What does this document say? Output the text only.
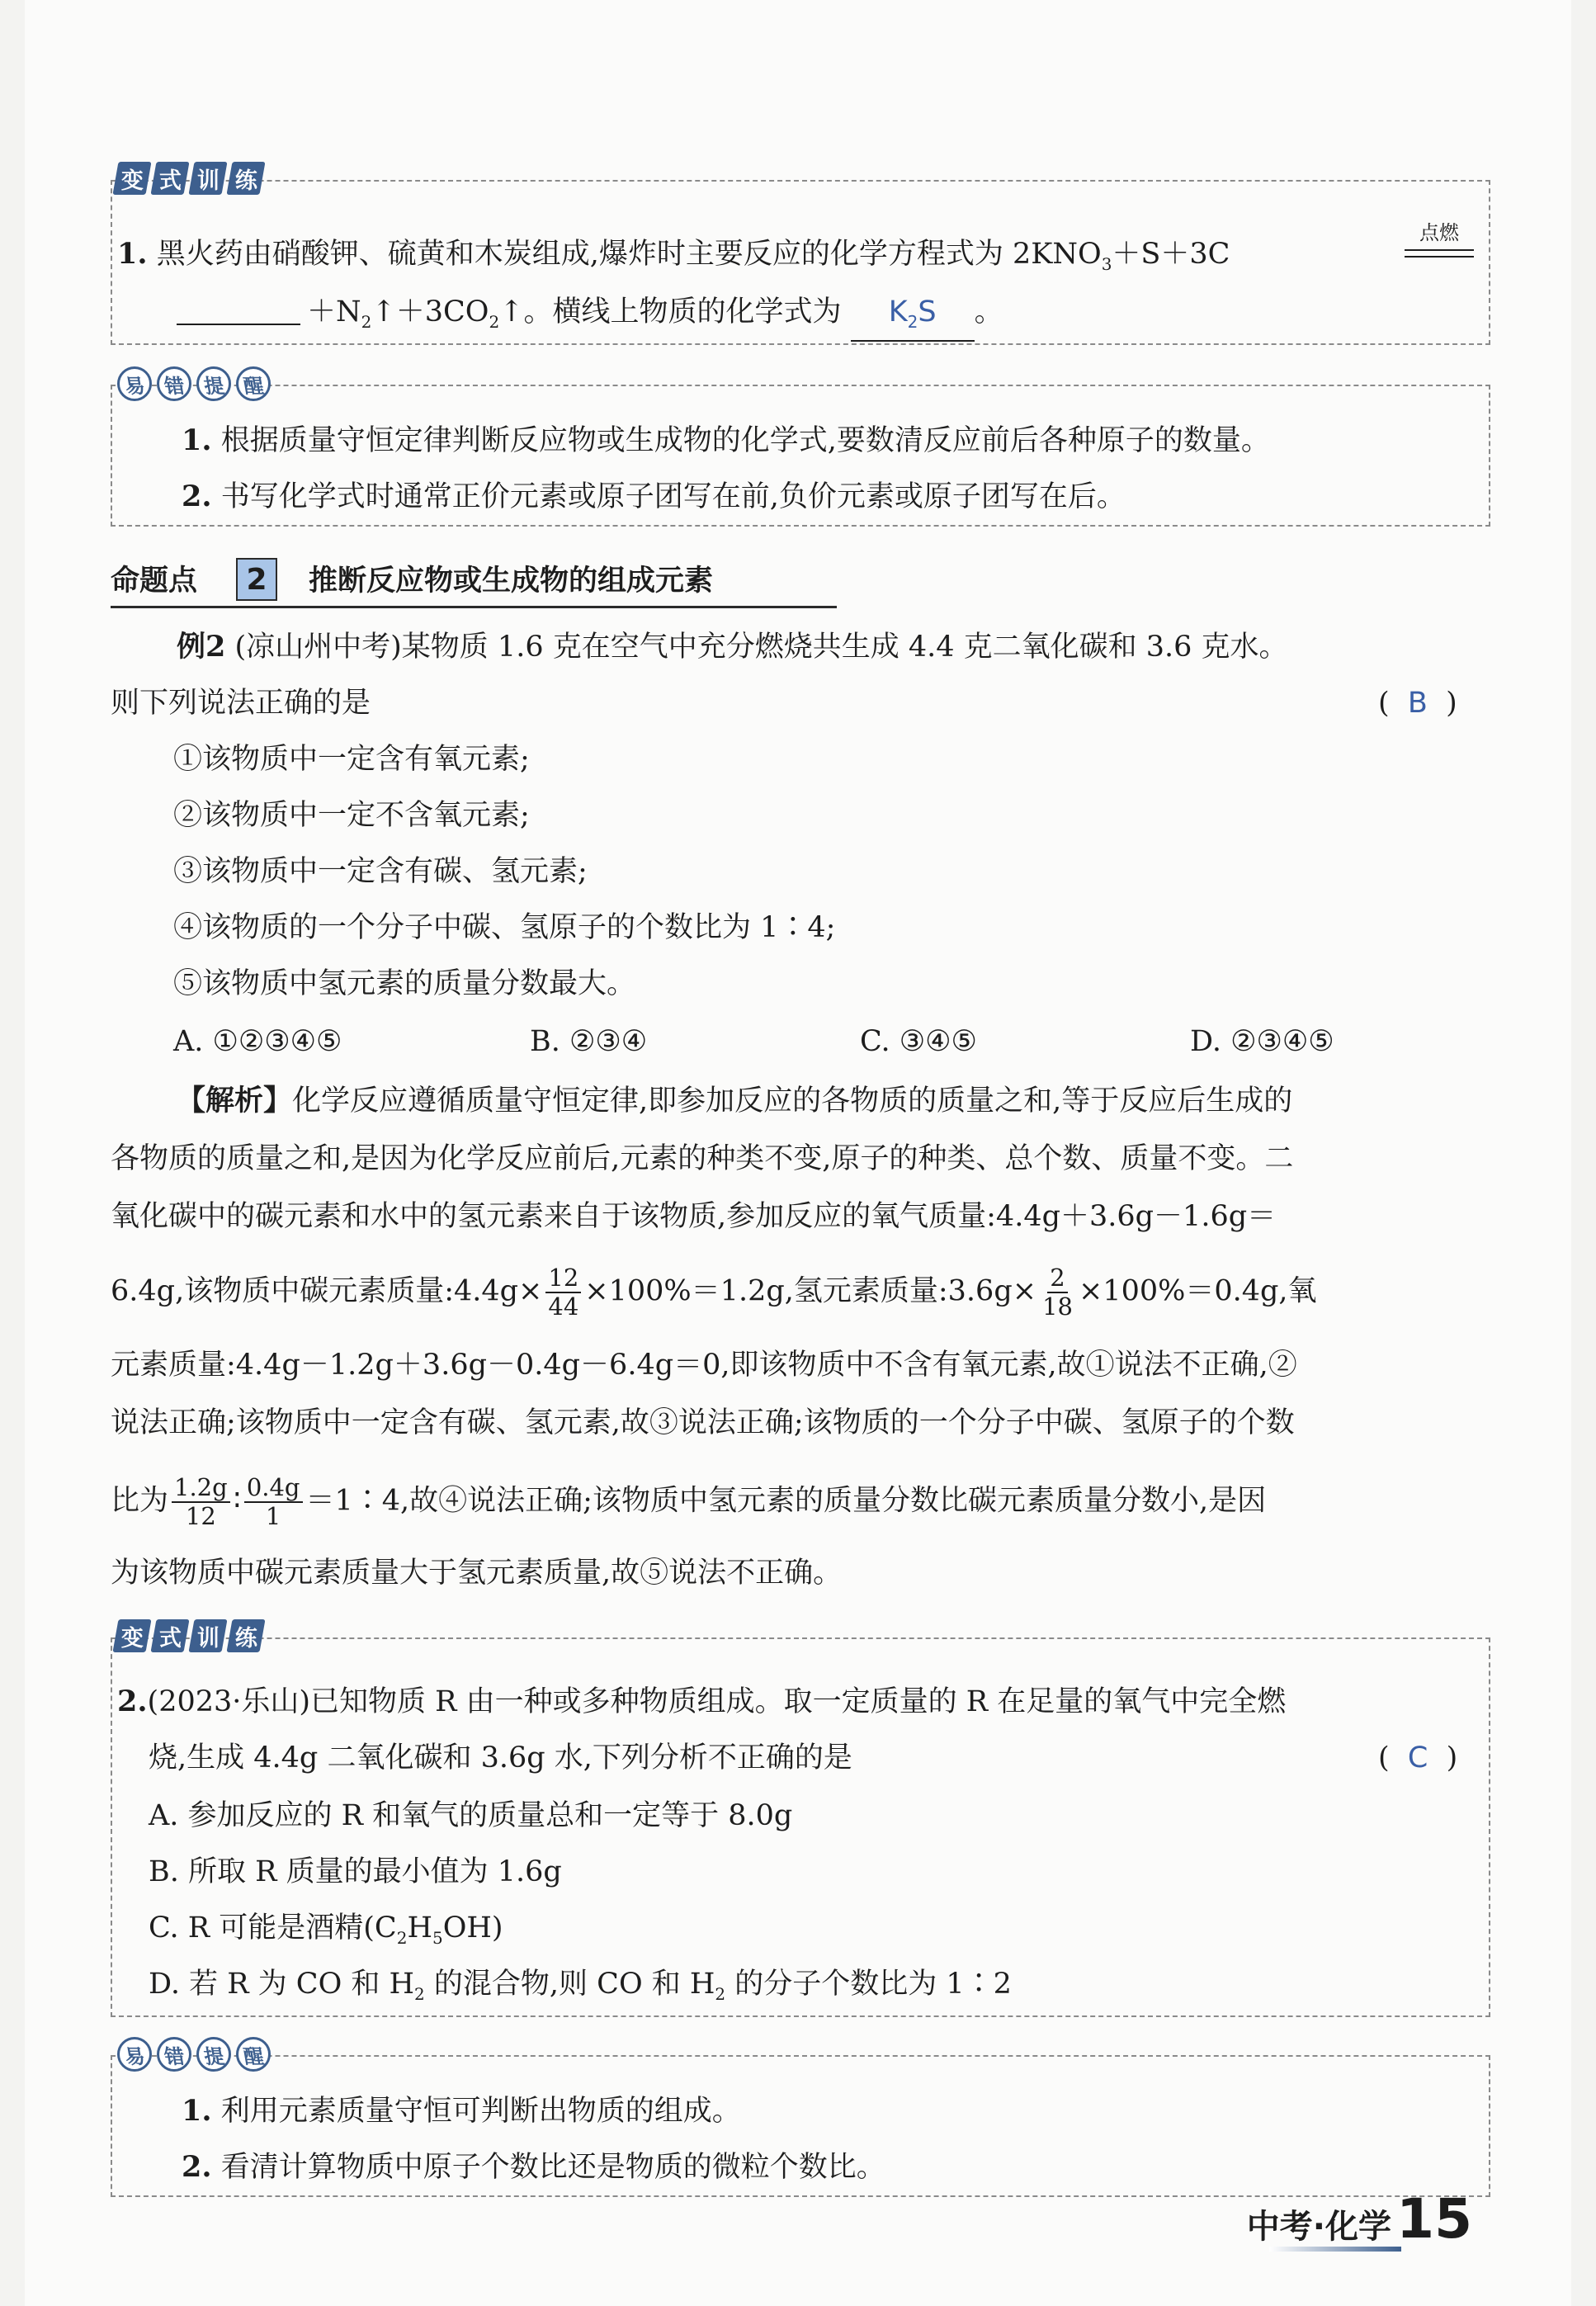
变 式 训 练
1. 黑火药由硝酸钾、硫黄和木炭组成,爆炸时主要反应的化学方程式为 $2KNO_3+S+3C$
点燃
$+N_2↑+3CO_2↑$。横线上物质的化学式为 $K_2S$ 。
易 错 提 醒
1. 根据质量守恒定律判断反应物或生成物的化学式,要数清反应前后各种原子的数量。
2. 书写化学式时通常正价元素或原子团写在前,负价元素或原子团写在后。
命题点	2	推断反应物或生成物的组成元素
例2 (凉山州中考)某物质 1.6 克在空气中充分燃烧共生成 4.4 克二氧化碳和 3.6 克水。
则下列说法正确的是	(  B  )
①该物质中一定含有氧元素;
②该物质中一定不含氧元素;
③该物质中一定含有碳、氢元素;
④该物质的一个分子中碳、氢原子的个数比为 1∶4;
⑤该物质中氢元素的质量分数最大。
A. ①②③④⑤	B. ②③④	C. ③④⑤	D. ②③④⑤
【解析】化学反应遵循质量守恒定律,即参加反应的各物质的质量之和,等于反应后生成的
各物质的质量之和,是因为化学反应前后,元素的种类不变,原子的种类、总个数、质量不变。二
氧化碳中的碳元素和水中的氢元素来自于该物质,参加反应的氧气质量:4.4g＋3.6g－1.6g＝
6.4g,该物质中碳元素质量:4.4g× $\frac{12}{44} \times 100\%=1.2g$,氢元素质量:3.6g× $\frac{2}{18} \times 100\%=0.4g$,氧
元素质量:4.4g－1.2g＋3.6g－0.4g－6.4g＝0,即该物质中不含有氧元素,故①说法不正确,②
说法正确;该物质中一定含有碳、氢元素,故③说法正确;该物质的一个分子中碳、氢原子的个数
比为 $\frac{1.2g}{12}$ ∶ $\frac{0.4g}{1}$ ＝1∶4,故④说法正确;该物质中氢元素的质量分数比碳元素质量分数小,是因
为该物质中碳元素质量大于氢元素质量,故⑤说法不正确。
变 式 训 练
2.(2023·乐山)已知物质 R 由一种或多种物质组成。取一定质量的 R 在足量的氧气中完全燃
烧,生成 4.4g 二氧化碳和 3.6g 水,下列分析不正确的是	(  C  )
A. 参加反应的 R 和氧气的质量总和一定等于 8.0g
B. 所取 R 质量的最小值为 1.6g
C. R 可能是酒精$(C_2H_5OH)$
D. 若 R 为 CO 和 $H_2$ 的混合物,则 CO 和 $H_2$ 的分子个数比为 1∶2
易 错 提 醒
1. 利用元素质量守恒可判断出物质的组成。
2. 看清计算物质中原子个数比还是物质的微粒个数比。
中考·化学 15
